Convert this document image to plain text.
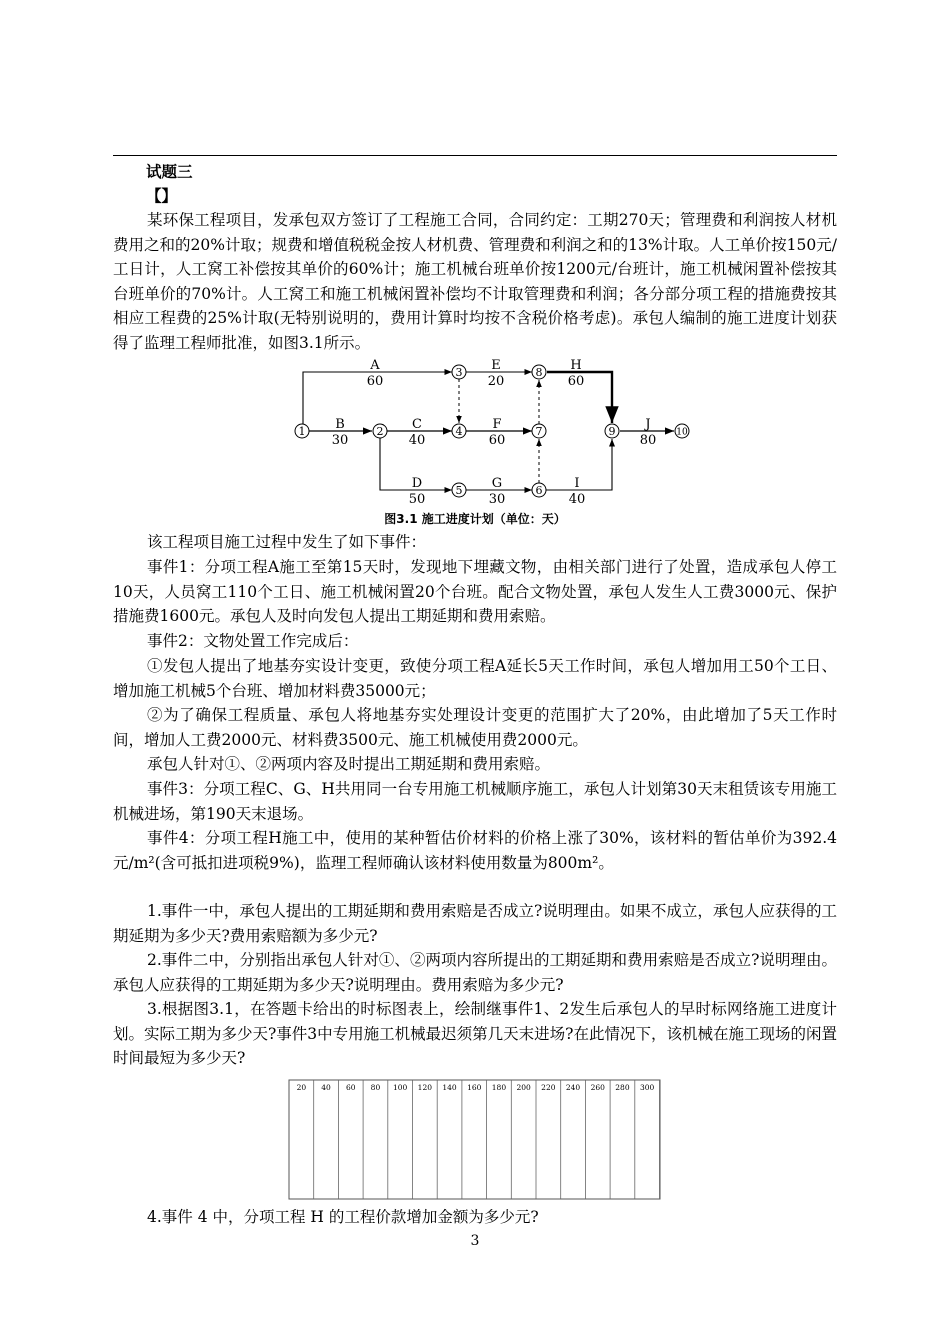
试题三
【】
某环保工程项目，发承包双方签订了工程施工合同，合同约定：工期270天；管理费和利润按人材机费用之和的20%计取；规费和增值税税金按人材机费、管理费和利润之和的13%计取。人工单价按150元/工日计，人工窝工补偿按其单价的60%计；施工机械台班单价按1200元/台班计，施工机械闲置补偿按其台班单价的70%计。人工窝工和施工机械闲置补偿均不计取管理费和利润；各分部分项工程的措施费按其相应工程费的25%计取(无特别说明的，费用计算时均按不含税价格考虑)。承包人编制的施工进度计划获得了监理工程师批准，如图3.1所示。
1	2
3
4
5	6
7
8
9	10
A
60
B
30
C
40
D
50
E
20
F
60
G
30
H
60
I
40
J
80
图3.1 施工进度计划（单位：天）
该工程项目施工过程中发生了如下事件：
事件1：分项工程A施工至第15天时，发现地下埋藏文物，由相关部门进行了处置，造成承包人停工10天，人员窝工110个工日、施工机械闲置20个台班。配合文物处置，承包人发生人工费3000元、保护措施费1600元。承包人及时向发包人提出工期延期和费用索赔。
事件2：文物处置工作完成后：
①发包人提出了地基夯实设计变更，致使分项工程A延长5天工作时间，承包人增加用工50个工日、增加施工机械5个台班、增加材料费35000元；
②为了确保工程质量、承包人将地基夯实处理设计变更的范围扩大了20%，由此增加了5天工作时间，增加人工费2000元、材料费3500元、施工机械使用费2000元。
承包人针对①、②两项内容及时提出工期延期和费用索赔。
事件3：分项工程C、G、H共用同一台专用施工机械顺序施工，承包人计划第30天末租赁该专用施工机械进场，第190天末退场。
事件4：分项工程H施工中，使用的某种暂估价材料的价格上涨了30%，该材料的暂估单价为392.4元/m²(含可抵扣进项税9%)，监理工程师确认该材料使用数量为800m²。
1.事件一中，承包人提出的工期延期和费用索赔是否成立?说明理由。如果不成立，承包人应获得的工期延期为多少天?费用索赔额为多少元?
2.事件二中，分别指出承包人针对①、②两项内容所提出的工期延期和费用索赔是否成立?说明理由。承包人应获得的工期延期为多少天?说明理由。费用索赔为多少元?
3.根据图3.1，在答题卡给出的时标图表上，绘制继事件1、2发生后承包人的早时标网络施工进度计划。实际工期为多少天?事件3中专用施工机械最迟须第几天末进场?在此情况下，该机械在施工现场的闲置时间最短为多少天?
20 40 60 80 100 120 140 160 180 200 220 240 260 280 300
4.事件 4 中，分项工程 H 的工程价款增加金额为多少元?
3
